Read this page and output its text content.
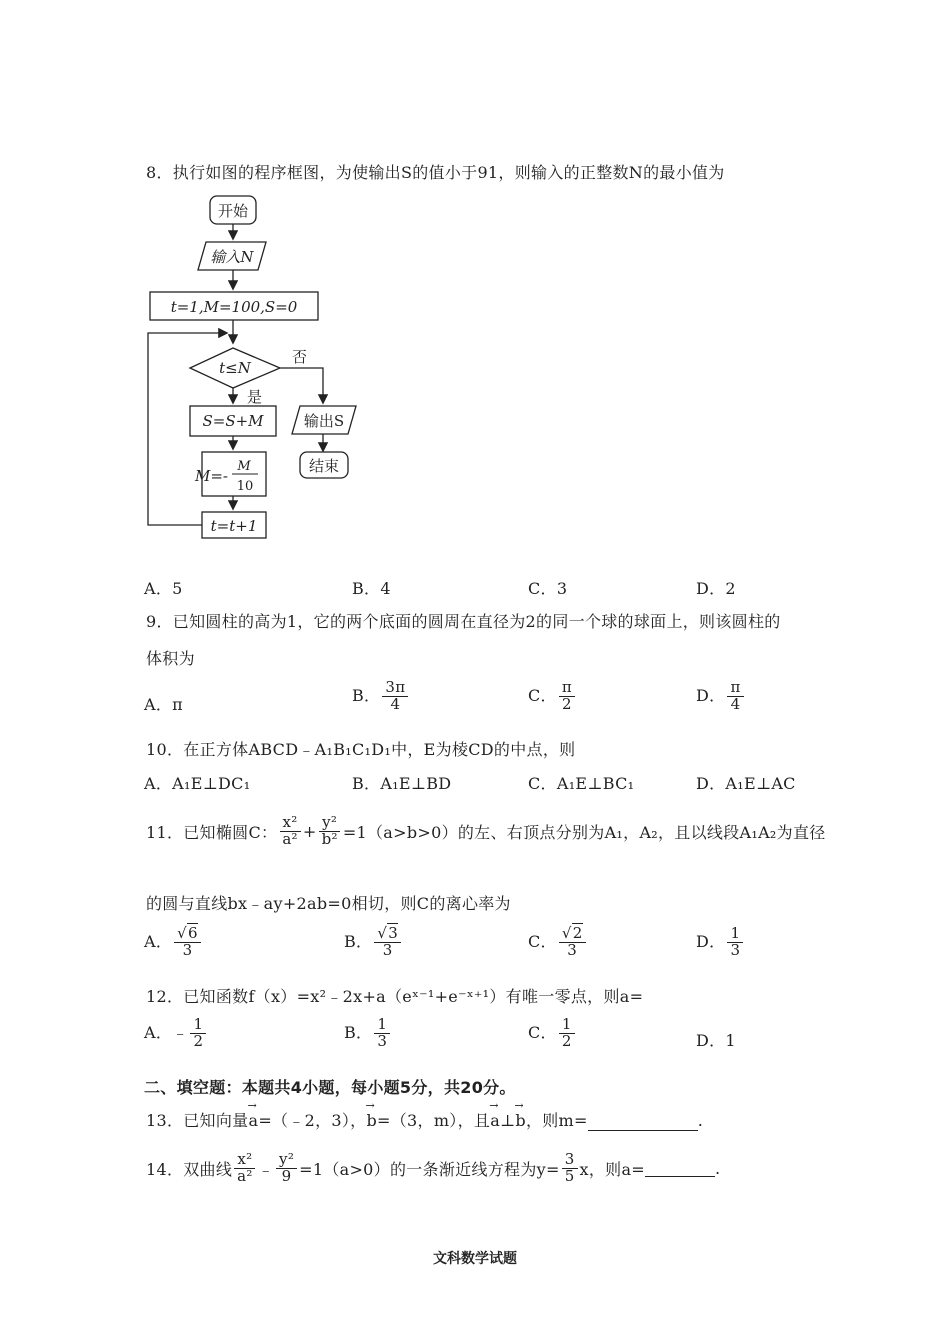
8．执行如图的程序框图，为使输出S的值小于91，则输入的正整数N的最小值为
开始
输入N
t=1,M=100,S=0
t≤N
否
是
S=S+M
M=-
M
10
t=t+1
输出S
结束
A．5	B．4	C．3	D．2
9．已知圆柱的高为1，它的两个底面的圆周在直径为2的同一个球的球面上，则该圆柱的
体积为
A．π	B． $\frac{3\pi}{4}$	C． $\frac{\pi}{2}$	D． $\frac{\pi}{4}$
10．在正方体ABCD﹣A₁B₁C₁D₁中，E为棱CD的中点，则
A．A₁E⊥DC₁	B．A₁E⊥BD	C．A₁E⊥BC₁	D．A₁E⊥AC
11．已知椭圆C： $\frac{\text{x²}}{\text{a²}} + \frac{\text{y²}}{\text{b²}} =1(a>b>0)$的左、右顶点分别为A₁，A₂，且以线段A₁A₂为直径
的圆与直线bx﹣ay+2ab=0相切，则C的离心率为
A． $\frac{√6}{3}$	B． $\frac{√3}{3}$	C． $\frac{√2}{3}$	D． $\frac{1}{3}$
12．已知函数f（x）=x²﹣2x+a（eˣ⁻¹+e⁻ˣ⁺¹）有唯一零点，则a=
A．﹣ $\frac{1}{2}$	B． $\frac{1}{3}$	C． $\frac{1}{2}$	D．1
二、填空题：本题共4小题，每小题5分，共20分。
13．已知向量→ a=（﹣2，3），→ b=（3，m），且→ a⊥→ b，则m=	.
14．双曲线 $\frac{\text{x²}}{\text{a²}}$ ﹣ $\frac{\text{y²}}{9} =1(a>0)$的一条渐近线方程为$y= \frac{3}{5}$ x，则a=	.
文科数学试题
